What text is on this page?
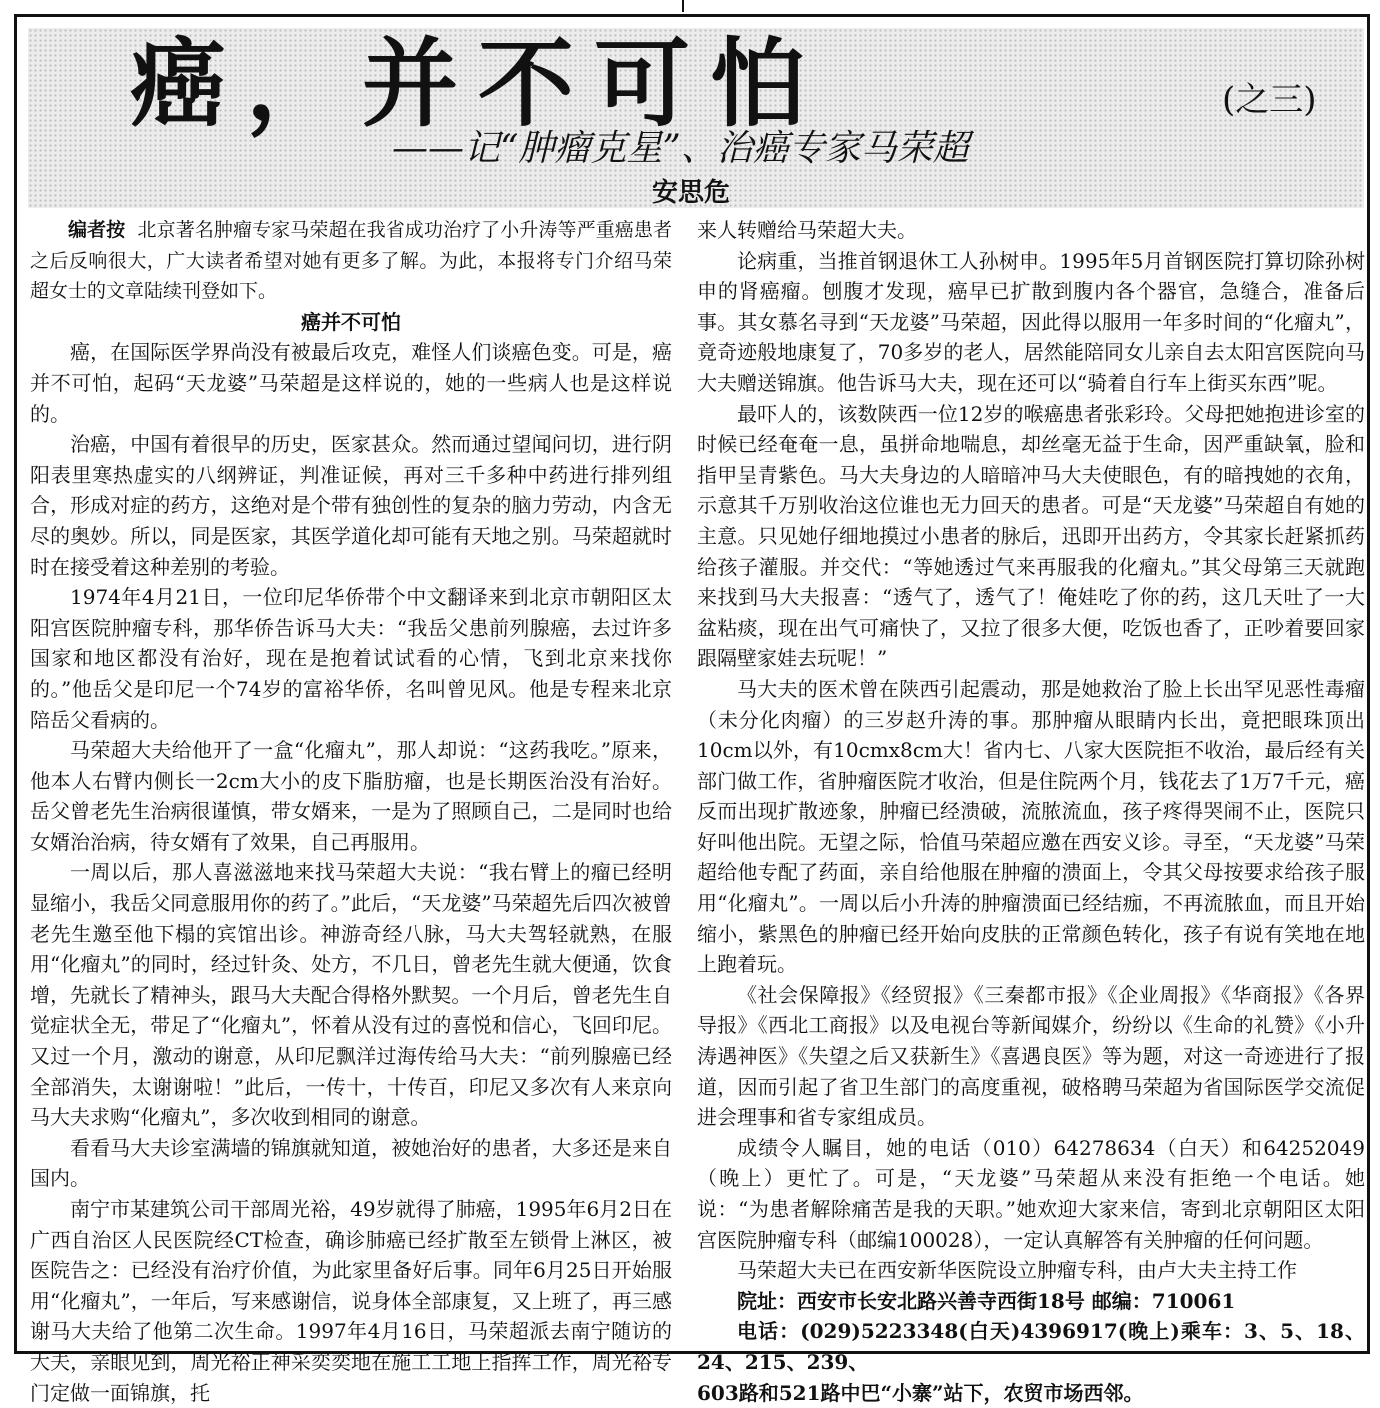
癌，并不可怕	(之三)
——记“肿瘤克星”、治癌专家马荣超
安思危

编者按 北京著名肿瘤专家马荣超在我省成功治疗了小升涛等严重癌患者之后反响很大，广大读者希望对她有更多了解。为此，本报将专门介绍马荣超女士的文章陆续刊登如下。

癌并不可怕

癌，在国际医学界尚没有被最后攻克，难怪人们谈癌色变。可是，癌并不可怕，起码“天龙婆”马荣超是这样说的，她的一些病人也是这样说的。

治癌，中国有着很早的历史，医家甚众。然而通过望闻问切，进行阴阳表里寒热虚实的八纲辨证，判准证候，再对三千多种中药进行排列组合，形成对症的药方，这绝对是个带有独创性的复杂的脑力劳动，内含无尽的奥妙。所以，同是医家，其医学道化却可能有天地之别。马荣超就时时在接受着这种差别的考验。

1974年4月21日，一位印尼华侨带个中文翻译来到北京市朝阳区太阳宫医院肿瘤专科，那华侨告诉马大夫：“我岳父患前列腺癌，去过许多国家和地区都没有治好，现在是抱着试试看的心情，飞到北京来找你的。”他岳父是印尼一个74岁的富裕华侨，名叫曾见风。他是专程来北京陪岳父看病的。

马荣超大夫给他开了一盒“化瘤丸”，那人却说：“这药我吃。”原来，他本人右臂内侧长一2cm大小的皮下脂肪瘤，也是长期医治没有治好。岳父曾老先生治病很谨慎，带女婿来，一是为了照顾自己，二是同时也给女婿治治病，待女婿有了效果，自己再服用。

一周以后，那人喜滋滋地来找马荣超大夫说：“我右臂上的瘤已经明显缩小，我岳父同意服用你的药了。”此后，“天龙婆”马荣超先后四次被曾老先生邀至他下榻的宾馆出诊。神游奇经八脉，马大夫驾轻就熟，在服用“化瘤丸”的同时，经过针灸、处方，不几日，曾老先生就大便通，饮食增，先就长了精神头，跟马大夫配合得格外默契。一个月后，曾老先生自觉症状全无，带足了“化瘤丸”，怀着从没有过的喜悦和信心，飞回印尼。又过一个月，激动的谢意，从印尼飘洋过海传给马大夫：“前列腺癌已经全部消失，太谢谢啦！”此后，一传十，十传百，印尼又多次有人来京向马大夫求购“化瘤丸”，多次收到相同的谢意。

看看马大夫诊室满墙的锦旗就知道，被她治好的患者，大多还是来自国内。

南宁市某建筑公司干部周光裕，49岁就得了肺癌，1995年6月2日在广西自治区人民医院经CT检查，确诊肺癌已经扩散至左锁骨上淋区，被医院告之：已经没有治疗价值，为此家里备好后事。同年6月25日开始服用“化瘤丸”，一年后，写来感谢信，说身体全部康复，又上班了，再三感谢马大夫给了他第二次生命。1997年4月16日，马荣超派去南宁随访的大夫，亲眼见到，周光裕正神采奕奕地在施工工地上指挥工作，周光裕专门定做一面锦旗，托

来人转赠给马荣超大夫。

论病重，当推首钢退休工人孙树申。1995年5月首钢医院打算切除孙树申的肾癌瘤。刨腹才发现，癌早已扩散到腹内各个器官，急缝合，准备后事。其女慕名寻到“天龙婆”马荣超，因此得以服用一年多时间的“化瘤丸”，竟奇迹般地康复了，70多岁的老人，居然能陪同女儿亲自去太阳宫医院向马大夫赠送锦旗。他告诉马大夫，现在还可以“骑着自行车上街买东西”呢。

最吓人的，该数陕西一位12岁的喉癌患者张彩玲。父母把她抱进诊室的时候已经奄奄一息，虽拼命地喘息，却丝毫无益于生命，因严重缺氧，脸和指甲呈青紫色。马大夫身边的人暗暗冲马大夫使眼色，有的暗拽她的衣角，示意其千万别收治这位谁也无力回天的患者。可是“天龙婆”马荣超自有她的主意。只见她仔细地摸过小患者的脉后，迅即开出药方，令其家长赶紧抓药给孩子灌服。并交代：“等她透过气来再服我的化瘤丸。”其父母第三天就跑来找到马大夫报喜：“透气了，透气了！俺娃吃了你的药，这几天吐了一大盆粘痰，现在出气可痛快了，又拉了很多大便，吃饭也香了，正吵着要回家跟隔壁家娃去玩呢！”

马大夫的医术曾在陕西引起震动，那是她救治了脸上长出罕见恶性毒瘤（未分化肉瘤）的三岁赵升涛的事。那肿瘤从眼睛内长出，竟把眼珠顶出10cm以外，有10cmx8cm大！省内七、八家大医院拒不收治，最后经有关部门做工作，省肿瘤医院才收治，但是住院两个月，钱花去了1万7千元，癌反而出现扩散迹象，肿瘤已经溃破，流脓流血，孩子疼得哭闹不止，医院只好叫他出院。无望之际，恰值马荣超应邀在西安义诊。寻至，“天龙婆”马荣超给他专配了药面，亲自给他服在肿瘤的溃面上，令其父母按要求给孩子服用“化瘤丸”。一周以后小升涛的肿瘤溃面已经结痂，不再流脓血，而且开始缩小，紫黑色的肿瘤已经开始向皮肤的正常颜色转化，孩子有说有笑地在地上跑着玩。

《社会保障报》《经贸报》《三秦都市报》《企业周报》《华商报》《各界导报》《西北工商报》以及电视台等新闻媒介，纷纷以《生命的礼赞》《小升涛遇神医》《失望之后又获新生》《喜遇良医》等为题，对这一奇迹进行了报道，因而引起了省卫生部门的高度重视，破格聘马荣超为省国际医学交流促进会理事和省专家组成员。

成绩令人瞩目，她的电话（010）64278634（白天）和64252049（晚上）更忙了。可是，“天龙婆”马荣超从来没有拒绝一个电话。她说：“为患者解除痛苦是我的天职。”她欢迎大家来信，寄到北京朝阳区太阳宫医院肿瘤专科（邮编100028），一定认真解答有关肿瘤的任何问题。

马荣超大夫已在西安新华医院设立肿瘤专科，由卢大夫主持工作

院址：西安市长安北路兴善寺西街18号 邮编：710061

电话：(029)5223348(白天)4396917(晚上)乘车：3、5、18、24、215、239、

603路和521路中巴“小寨”站下，农贸市场西邻。
